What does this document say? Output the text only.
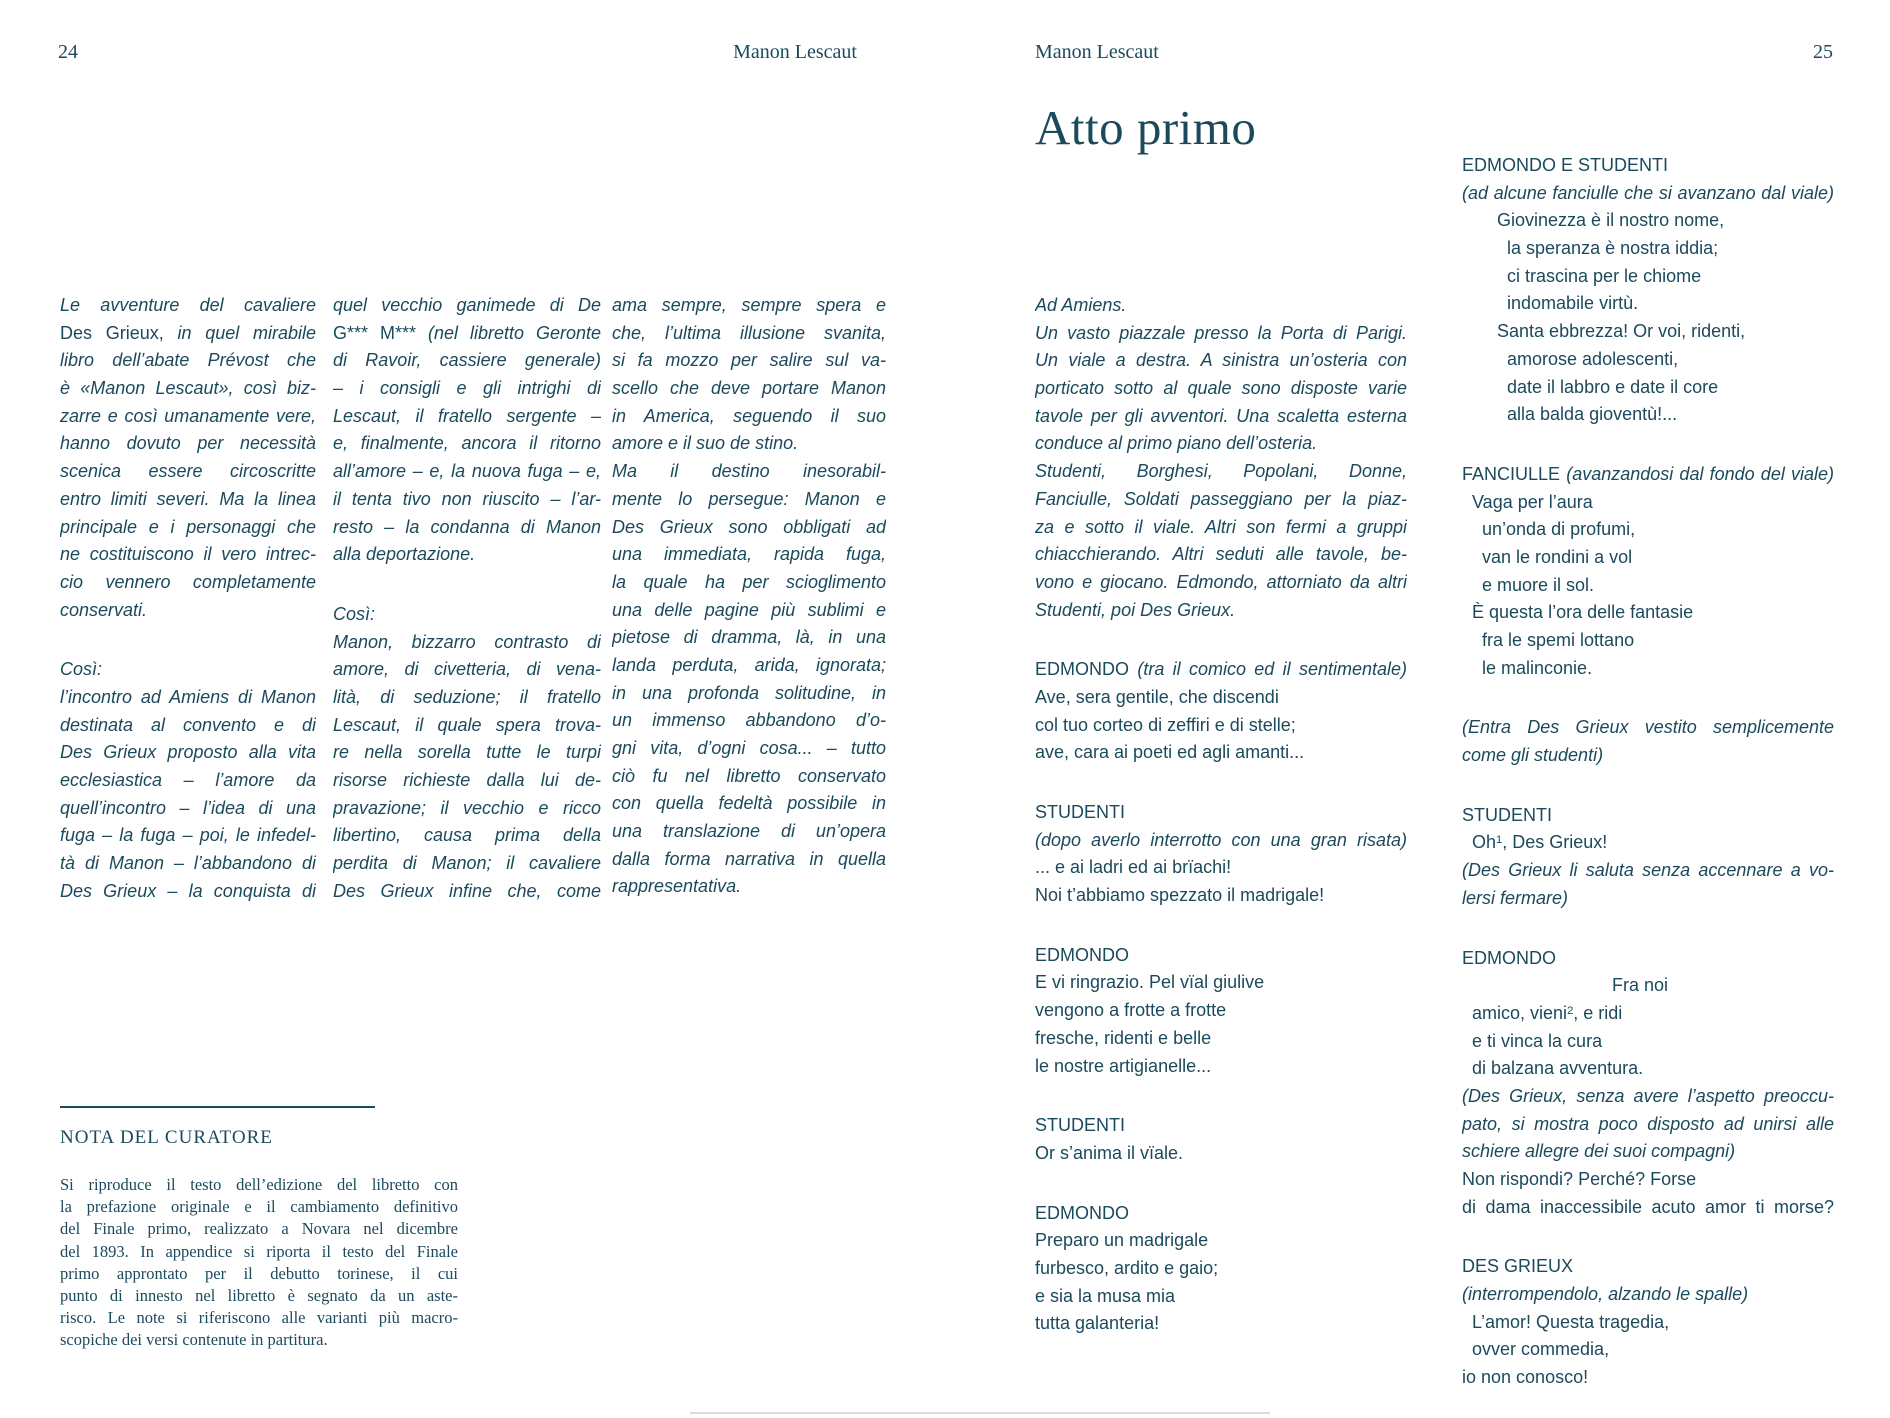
24	Manon Lescaut
Le avventure del cavaliere
Des Grieux, in quel mirabile
libro dell’abate Prévost che
è «Manon Lescaut», così biz-
zarre e così umanamente vere,
hanno dovuto per necessità
scenica essere circoscritte
entro limiti severi. Ma la linea
principale e i personaggi che
ne costituiscono il vero intrec-
cio vennero completamente
conservati.
Così:
l’incontro ad Amiens di Manon
destinata al convento e di
Des Grieux proposto alla vita
ecclesiastica – l’amore da
quell’incontro – l’idea di una
fuga – la fuga – poi, le infedel-
tà di Manon – l’abbandono di
Des Grieux – la conquista di
quel vecchio ganimede di De
G*** M*** (nel libretto Geronte
di Ravoir, cassiere generale)
– i consigli e gli intrighi di
Lescaut, il fratello sergente –
e, finalmente, ancora il ritorno
all’amore – e, la nuova fuga – e,
il tenta tivo non riuscito – l’ar-
resto – la condanna di Manon
alla deportazione.
Così:
Manon, bizzarro contrasto di
amore, di civetteria, di vena-
lità, di seduzione; il fratello
Lescaut, il quale spera trova-
re nella sorella tutte le turpi
risorse richieste dalla lui de-
pravazione; il vecchio e ricco
libertino, causa prima della
perdita di Manon; il cavaliere
Des Grieux infine che, come
ama sempre, sempre spera e
che, l’ultima illusione svanita,
si fa mozzo per salire sul va-
scello che deve portare Manon
in America, seguendo il suo
amore e il suo de stino.
Ma il destino inesorabil-
mente lo persegue: Manon e
Des Grieux sono obbligati ad
una immediata, rapida fuga,
la quale ha per scioglimento
una delle pagine più sublimi e
pietose di dramma, là, in una
landa perduta, arida, ignorata;
in una profonda solitudine, in
un immenso abbandono d’o-
gni vita, d’ogni cosa... – tutto
ciò fu nel libretto conservato
con quella fedeltà possibile in
una translazione di un’opera
dalla forma narrativa in quella
rappresentativa.
NOTA DEL CURATORE
Si riproduce il testo dell’edizione del libretto con
la prefazione originale e il cambiamento definitivo
del Finale primo, realizzato a Novara nel dicembre
del 1893. In appendice si riporta il testo del Finale
primo approntato per il debutto torinese, il cui
punto di innesto nel libretto è segnato da un aste-
risco. Le note si riferiscono alle varianti più macro-
scopiche dei versi contenute in partitura.
Manon Lescaut	25
Atto primo
Ad Amiens.
Un vasto piazzale presso la Porta di Parigi.
Un viale a destra. A sinistra un’osteria con
porticato sotto al quale sono disposte varie
tavole per gli avventori. Una scaletta esterna
conduce al primo piano dell’osteria.
Studenti, Borghesi, Popolani, Donne,
Fanciulle, Soldati passeggiano per la piaz-
za e sotto il viale. Altri son fermi a gruppi
chiacchierando. Altri seduti alle tavole, be-
vono e giocano. Edmondo, attorniato da altri
Studenti, poi Des Grieux.
EDMONDO (tra il comico ed il sentimentale)
Ave, sera gentile, che discendi
col tuo corteo di zeffiri e di stelle;
ave, cara ai poeti ed agli amanti...
STUDENTI
(dopo averlo interrotto con una gran risata)
... e ai ladri ed ai brïachi!
Noi t’abbiamo spezzato il madrigale!
EDMONDO
E vi ringrazio. Pel vïal giulive
vengono a frotte a frotte
fresche, ridenti e belle
le nostre artigianelle...
STUDENTI
Or s’anima il vïale.
EDMONDO
Preparo un madrigale
furbesco, ardito e gaio;
e sia la musa mia
tutta galanteria!
EDMONDO E STUDENTI
(ad alcune fanciulle che si avanzano dal viale)
Giovinezza è il nostro nome,
la speranza è nostra iddia;
ci trascina per le chiome
indomabile virtù.
Santa ebbrezza! Or voi, ridenti,
amorose adolescenti,
date il labbro e date il core
alla balda gioventù!...
FANCIULLE (avanzandosi dal fondo del viale)
Vaga per l’aura
un’onda di profumi,
van le rondini a vol
e muore il sol.
È questa l’ora delle fantasie
fra le spemi lottano
le malinconie.
(Entra Des Grieux vestito semplicemente
come gli studenti)
STUDENTI
Oh$^1$, Des Grieux!
(Des Grieux li saluta senza accennare a vo-
lersi fermare)
EDMONDO
Fra noi
amico, vieni$^2$, e ridi
e ti vinca la cura
di balzana avventura.
(Des Grieux, senza avere l’aspetto preoccu-
pato, si mostra poco disposto ad unirsi alle
schiere allegre dei suoi compagni)
Non rispondi? Perché? Forse
di dama inaccessibile acuto amor ti morse?
DES GRIEUX
(interrompendolo, alzando le spalle)
L’amor! Questa tragedia,
ovver commedia,
io non conosco!
